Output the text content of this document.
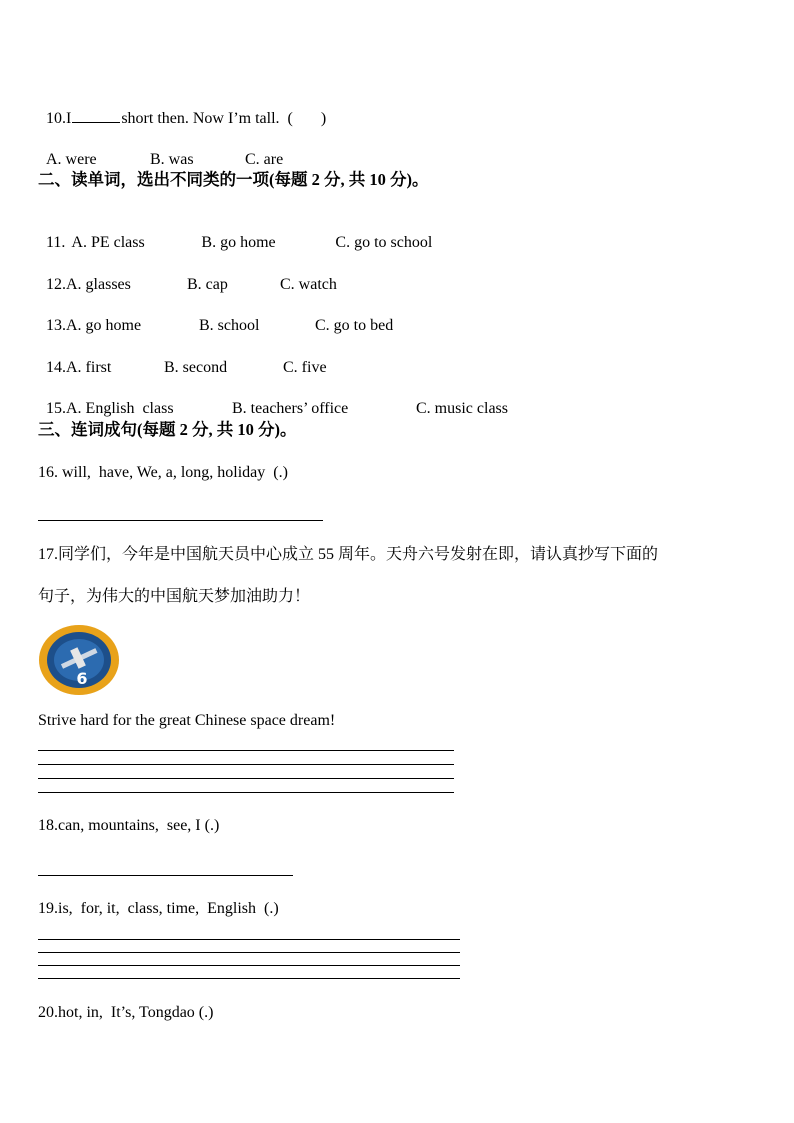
10.I	short then. Now I’m tall.  (       )

A. were	B. was	C. are

二、读单词，选出不同类的一项(每题 2 分, 共 10 分)。

11. A. PE class	B. go home	C. go to school

12.A. glasses	B. cap	C. watch

13.A. go home	B. school	C. go to bed

14.A. first	B. second	C. five

15.A. English  class	B. teachers’ office	C. music class

三、连词成句(每题 2 分, 共 10 分)。
16. will,  have, We, a, long, holiday  (.)
17.同学们，今年是中国航天员中心成立 55 周年。天舟六号发射在即，请认真抄写下面的
句子，为伟大的中国航天梦加油助力！
6
Strive hard for the great Chinese space dream!
18.can, mountains,  see, I (.)
19.is,  for, it,  class, time,  English  (.)
20.hot, in,  It’s, Tongdao (.)
